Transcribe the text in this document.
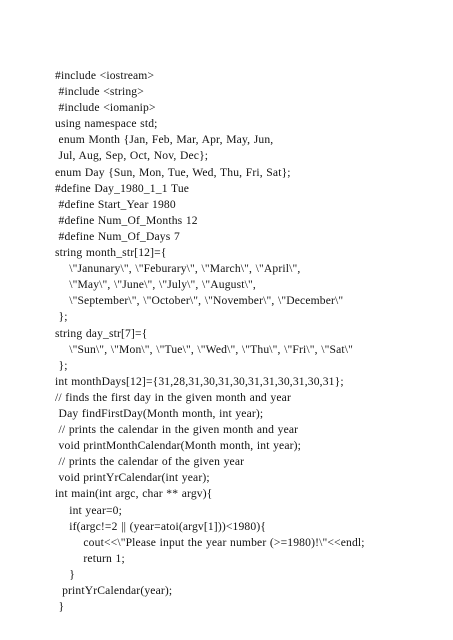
#include <iostream>
#include <string>
#include <iomanip>
using namespace std;
enum Month {Jan, Feb, Mar, Apr, May, Jun,
Jul, Aug, Sep, Oct, Nov, Dec};
enum Day {Sun, Mon, Tue, Wed, Thu, Fri, Sat};
#define Day_1980_1_1 Tue
#define Start_Year 1980
#define Num_Of_Months 12
#define Num_Of_Days 7
string month_str[12]={
\"Janunary\", \"Feburary\", \"March\", \"April\",
\"May\", \"June\", \"July\", \"August\",
\"September\", \"October\", \"November\", \"December\"
};
string day_str[7]={
\"Sun\", \"Mon\", \"Tue\", \"Wed\", \"Thu\", \"Fri\", \"Sat\"
};
int monthDays[12]={31,28,31,30,31,30,31,31,30,31,30,31};
// finds the first day in the given month and year
Day findFirstDay(Month month, int year);
// prints the calendar in the given month and year
void printMonthCalendar(Month month, int year);
// prints the calendar of the given year
void printYrCalendar(int year);
int main(int argc, char ** argv){
int year=0;
if(argc!=2 || (year=atoi(argv[1]))<1980){
cout<<\"Please input the year number (>=1980)!\"<<endl;
return 1;
}
printYrCalendar(year);
}
